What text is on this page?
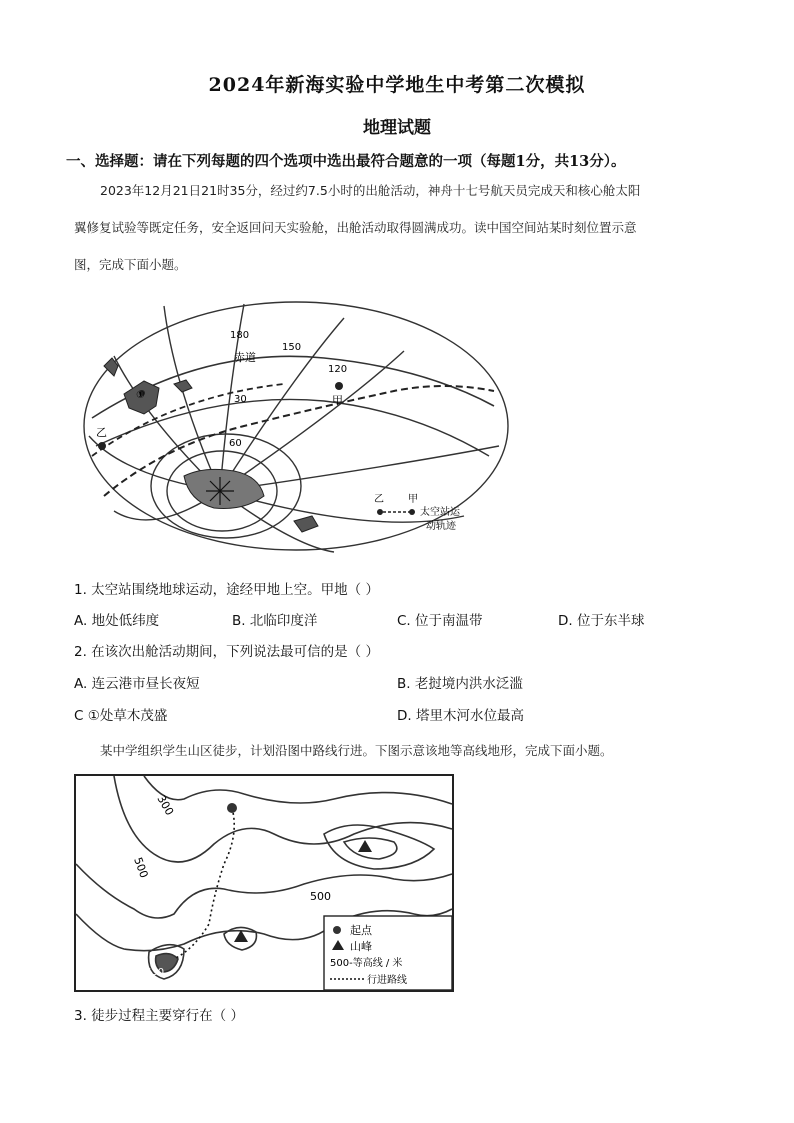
2024年新海实验中学地生中考第二次模拟
地理试题
一、选择题：请在下列每题的四个选项中选出最符合题意的一项（每题1分，共13分）。

2023年12月21日21时35分，经过约7.5小时的出舱活动，神舟十七号航天员完成天和核心舱太阳

翼修复试验等既定任务，安全返回问天实验舱，出舱活动取得圆满成功。读中国空间站某时刻位置示意

图，完成下面小题。

180
150
120
赤道
30
60
甲
乙
①
乙 甲
太空站运
动轨迹
1. 太空站围绕地球运动，途经甲地上空。甲地（ ）
A. 地处低纬度	B. 北临印度洋	C. 位于南温带	D. 位于东半球
2. 在该次出舱活动期间，下列说法最可信的是（ ）
A. 连云港市昼长夜短	B. 老挝境内洪水泛滥
C ①处草木茂盛	D. 塔里木河水位最高
某中学组织学生山区徒步，计划沿图中路线行进。下图示意该地等高线地形，完成下面小题。
300
500
500
630
起点
山峰
500-等高线 / 米
行进路线
3. 徒步过程主要穿行在（ ）
